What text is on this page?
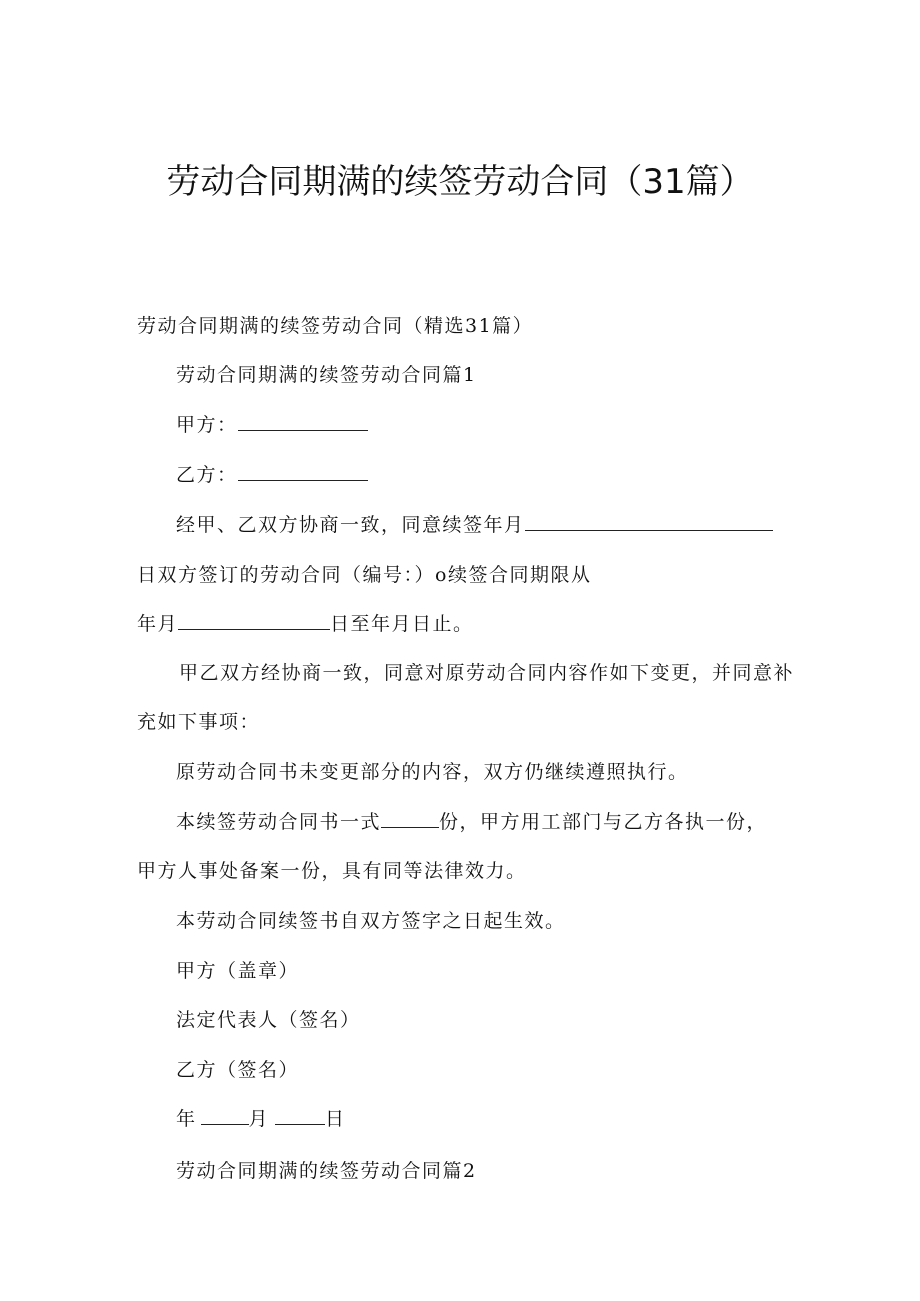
劳动合同期满的续签劳动合同（31篇）
劳动合同期满的续签劳动合同（精选31篇）
劳动合同期满的续签劳动合同篇1
甲方：
乙方：
经甲、乙双方协商一致，同意续签年月
日双方签订的劳动合同（编号：）o续签合同期限从
年月	日至年月日止。
甲乙双方经协商一致，同意对原劳动合同内容作如下变更，并同意补
充如下事项：
原劳动合同书未变更部分的内容，双方仍继续遵照执行。
本续签劳动合同书一式	份，甲方用工部门与乙方各执一份，
甲方人事处备案一份，具有同等法律效力。
本劳动合同续签书自双方签字之日起生效。
甲方（盖章）
法定代表人（签名）
乙方（签名）
年	月	日
劳动合同期满的续签劳动合同篇2
